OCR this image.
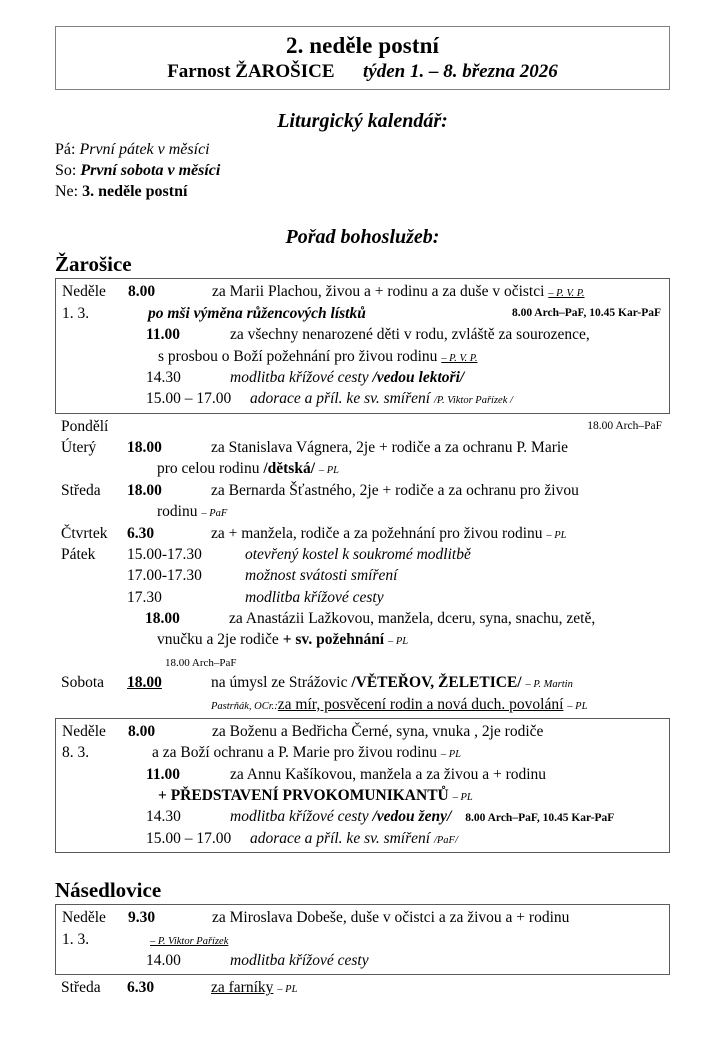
2. neděle postní
Farnost ŽAROŠICE týden 1. – 8. března 2026
Liturgický kalendář:
Pá: První pátek v měsíci
So: První sobota v měsíci
Ne: 3. neděle postní
Pořad bohoslužeb:
Žarošice
Neděle 8.00	za Marii Plachou, živou a + rodinu a za duše v očistci – P. V. P.
1. 3.	po mši výměna růžencových lístků	8.00 Arch–PaF, 10.45 Kar-PaF
11.00	za všechny nenarozené děti v rodu, zvláště za sourozence,
s prosbou o Boží požehnání pro živou rodinu – P. V. P.
14.30	modlitba křížové cesty /vedou lektoři/
15.00 – 17.00 adorace a příl. ke sv. smíření /P. Viktor Pařízek /
Pondělí	18.00 Arch–PaF
Úterý 18.00	za Stanislava Vágnera, 2je + rodiče a za ochranu P. Marie
pro celou rodinu /dětská/ – PL
Středa 18.00	za Bernarda Šťastného, 2je + rodiče a za ochranu pro živou
rodinu – PaF
Čtvrtek 6.30	za + manžela, rodiče a za požehnání pro živou rodinu – PL
Pátek 15.00-17.30	otevřený kostel k soukromé modlitbě
17.00-17.30	možnost svátosti smíření
17.30	modlitba křížové cesty
18.00	za Anastázii Lažkovou, manžela, dceru, syna, snachu, zetě,
vnučku a 2je rodiče + sv. požehnání – PL
18.00 Arch–PaF
Sobota 18.00	na úmysl ze Strážovic /VĚTEŘOV, ŽELETICE/ – P. Martin
Pastrňák, OCr.:za mír, posvěcení rodin a nová duch. povolání – PL
Neděle 8.00	za Boženu a Bedřicha Černé, syna, vnuka , 2je rodiče
8. 3.	a za Boží ochranu a P. Marie pro živou rodinu – PL
11.00	za Annu Kašíkovou, manžela a za živou a + rodinu
+ PŘEDSTAVENÍ PRVOKOMUNIKANTŮ – PL
14.30	modlitba křížové cesty /vedou ženy/ 8.00 Arch–PaF, 10.45 Kar-PaF
15.00 – 17.00 adorace a příl. ke sv. smíření /PaF/
Násedlovice
Neděle 9.30	za Miroslava Dobeše, duše v očistci a za živou a + rodinu
1. 3.	– P. Viktor Pařízek
14.00	modlitba křížové cesty
Středa 6.30	za farníky – PL
